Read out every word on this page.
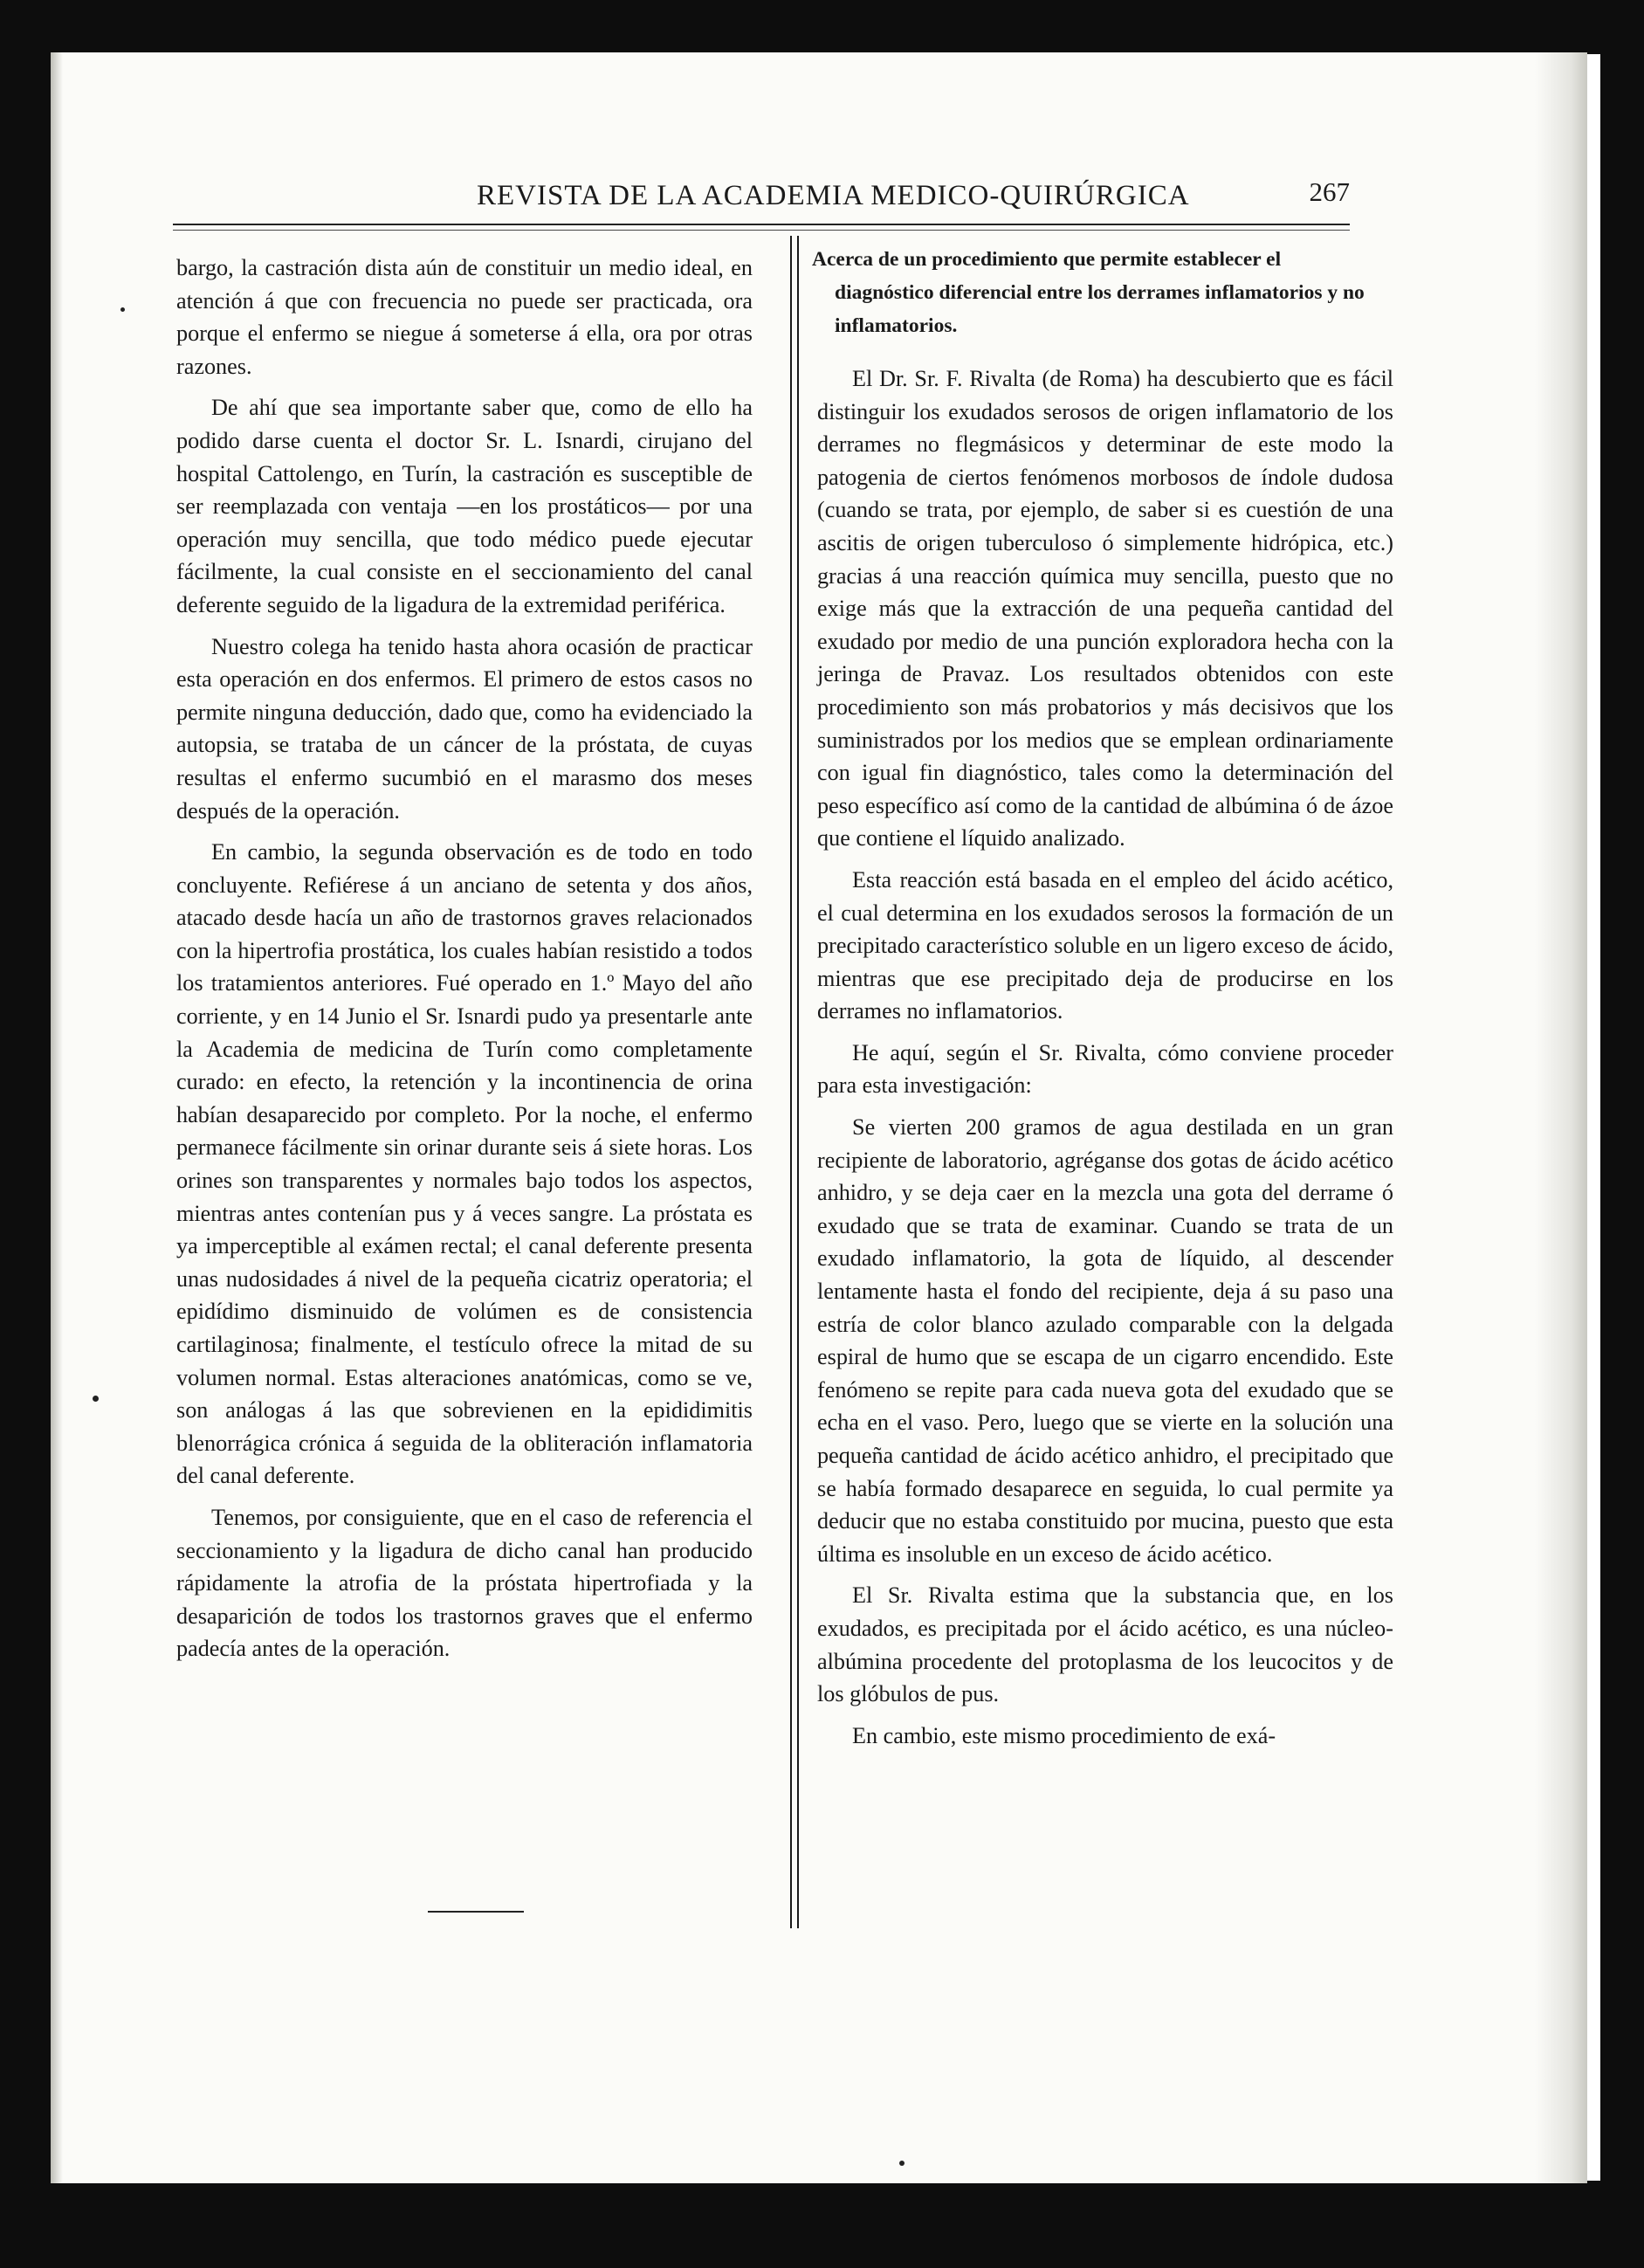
REVISTA DE LA ACADEMIA MEDICO-QUIRÚRGICA	267

bargo, la castración dista aún de constituir un medio ideal, en atención á que con frecuencia no puede ser practicada, ora porque el enfermo se niegue á someterse á ella, ora por otras razones.

De ahí que sea importante saber que, como de ello ha podido darse cuenta el doctor Sr. L. Isnardi, cirujano del hospital Cattolengo, en Turín, la castración es susceptible de ser reemplazada con ventaja —en los prostáticos— por una operación muy sencilla, que todo médico puede ejecutar fácilmente, la cual consiste en el seccionamiento del canal deferente seguido de la ligadura de la extremidad periférica.

Nuestro colega ha tenido hasta ahora ocasión de practicar esta operación en dos enfermos. El primero de estos casos no permite ninguna deducción, dado que, como ha evidenciado la autopsia, se trataba de un cáncer de la próstata, de cuyas resultas el enfermo sucumbió en el marasmo dos meses después de la operación.

En cambio, la segunda observación es de todo en todo concluyente. Refiérese á un anciano de setenta y dos años, atacado desde hacía un año de trastornos graves relacionados con la hipertrofia prostática, los cuales habían resistido a todos los tratamientos anteriores. Fué operado en 1.º Mayo del año corriente, y en 14 Junio el Sr. Isnardi pudo ya presentarle ante la Academia de medicina de Turín como completamente curado: en efecto, la retención y la incontinencia de orina habían desaparecido por completo. Por la noche, el enfermo permanece fácilmente sin orinar durante seis á siete horas. Los orines son transparentes y normales bajo todos los aspectos, mientras antes contenían pus y á veces sangre. La próstata es ya imperceptible al exámen rectal; el canal deferente presenta unas nudosidades á nivel de la pequeña cicatriz operatoria; el epidídimo disminuido de volúmen es de consistencia cartilaginosa; finalmente, el testículo ofrece la mitad de su volumen normal. Estas alteraciones anatómicas, como se ve, son análogas á las que sobrevienen en la epididimitis blenorrágica crónica á seguida de la obliteración inflamatoria del canal deferente.

Tenemos, por consiguiente, que en el caso de referencia el seccionamiento y la ligadura de dicho canal han producido rápidamente la atrofia de la próstata hipertrofiada y la desaparición de todos los trastornos graves que el enfermo padecía antes de la operación.

Acerca de un procedimiento que permite establecer el
diagnóstico diferencial entre los derrames inflamatorios y no inflamatorios.

El Dr. Sr. F. Rivalta (de Roma) ha descubierto que es fácil distinguir los exudados serosos de origen inflamatorio de los derrames no flegmásicos y determinar de este modo la patogenia de ciertos fenómenos morbosos de índole dudosa (cuando se trata, por ejemplo, de saber si es cuestión de una ascitis de origen tuberculoso ó simplemente hidrópica, etc.) gracias á una reacción química muy sencilla, puesto que no exige más que la extracción de una pequeña cantidad del exudado por medio de una punción exploradora hecha con la jeringa de Pravaz. Los resultados obtenidos con este procedimiento son más probatorios y más decisivos que los suministrados por los medios que se emplean ordinariamente con igual fin diagnóstico, tales como la determinación del peso específico así como de la cantidad de albúmina ó de ázoe que contiene el líquido analizado.

Esta reacción está basada en el empleo del ácido acético, el cual determina en los exudados serosos la formación de un precipitado característico soluble en un ligero exceso de ácido, mientras que ese precipitado deja de producirse en los derrames no inflamatorios.

He aquí, según el Sr. Rivalta, cómo conviene proceder para esta investigación:

Se vierten 200 gramos de agua destilada en un gran recipiente de laboratorio, agréganse dos gotas de ácido acético anhidro, y se deja caer en la mezcla una gota del derrame ó exudado que se trata de examinar. Cuando se trata de un exudado inflamatorio, la gota de líquido, al descender lentamente hasta el fondo del recipiente, deja á su paso una estría de color blanco azulado comparable con la delgada espiral de humo que se escapa de un cigarro encendido. Este fenómeno se repite para cada nueva gota del exudado que se echa en el vaso. Pero, luego que se vierte en la solución una pequeña cantidad de ácido acético anhidro, el precipitado que se había formado desaparece en seguida, lo cual permite ya deducir que no estaba constituido por mucina, puesto que esta última es insoluble en un exceso de ácido acético.

El Sr. Rivalta estima que la substancia que, en los exudados, es precipitada por el ácido acético, es una núcleo-albúmina procedente del protoplasma de los leucocitos y de los glóbulos de pus.

En cambio, este mismo procedimiento de exá-
